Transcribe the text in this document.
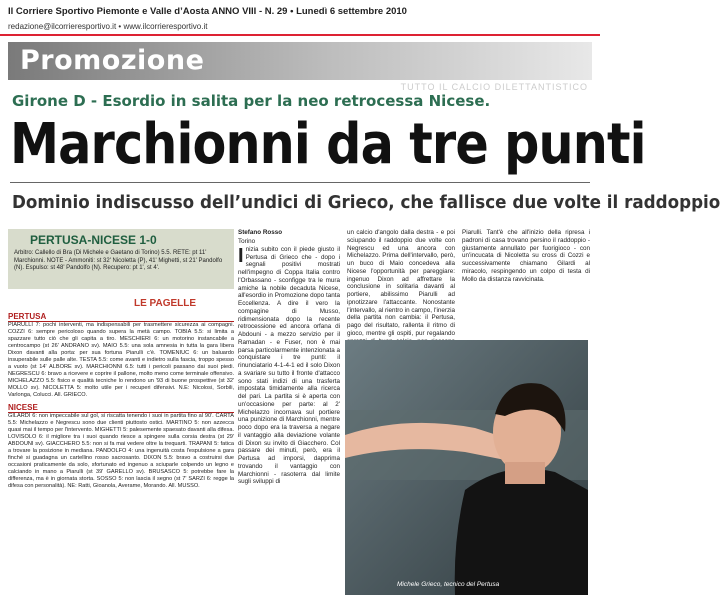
Il Corriere Sportivo Piemonte e Valle d’Aosta ANNO VIII - N. 29 • Lunedì 6 settembre 2010
redazione@ilcorrieresportivo.it • www.ilcorrieresportivo.it
Promozione
TUTTO IL CALCIO DILETTANTISTICO
Girone D - Esordio in salita per la neo retrocessa Nicese.
Marchionni da tre punti
Dominio indiscusso dell’undici di Grieco, che fallisce due volte il raddoppio
PERTUSA-NICESE 1-0
Arbitro: Callello di Bra (Di Michele e Gaetano di Torino) 5.5. RETE: pt 11' Marchionni. NOTE - Ammoniti: st 32' Nicoletta (P), 41' Mighetti, st 21' Pandolfo (N). Espulso: st 48' Pandolfo (N). Recupero: pt 1', st 4'.
LE PAGELLE
PERTUSA
PIARULLI 7: pochi interventi, ma indispensabili per trasmettere sicurezza ai compagni. COZZI 6: sempre pericoloso quando supera la metà campo. TOBIA 5.5: si limita a spazzare tutto ciò che gli capita a tiro. MESCHIERI 6: un motorino instancabile a centrocampo (st 26' ANDRANO sv). MAIO 5.5: una sola amnesia in tutta la gara libera Dixon davanti alla porta: per sua fortuna Piarulli c'è. TOMENIUC 6: un baluardo insuperabile sulle palle alte. TESTA 5.5: come avanti e indietro sulla fascia, troppo spesso a vuoto (st 14' ALBORE sv). MARCHIONNI 6.5: tutti i pericoli passano dai suoi piedi. NEGRESCU 6: bravo a ricevere e coprire il pallone, molto meno come terminale offensivo. MICHELAZZO 5.5: fisico e qualità tecniche lo rendono un '93 di buone prospettive (st 32' MOLLO sv). NICOLETTA 5: molto utile per i recuperi difensivi. N.E: Nicolosi, Sorbili, Varlonga, Colucci. All. GRIECO.
NICESE
GILARDI 6: non impeccabile sul gol, si riscatta tenendo i suoi in partita fino al 90'. CARTA 5.5: Michelazzo e Negrescu sono due clienti piuttosto ostici. MARTINO 5: non azzecca quasi mai il tempo per l'intervento. MIGHETTI 5: palesemente spaesato davanti alla difesa. LOVISOLO 6: il migliore tra i suoi quando riesce a spingere sulla corsia destra (st 29' ABDOUNI sv). GIACCHERO 5.5: non si fa mai vedere oltre la trequarti. TRAPANI 5: fatica a trovare la posizione in mediana. PANDOLFO 4: una ingenuità costa l'espulsione a gara finché si guadagna un cartellino rosso sacrosanto. DIXON 5.5: bravo a costruirsi due occasioni praticamente da solo, sfortunato ed ingenuo a sciuparle colpendo un legno e calciando in mano a Piarulli (st 39' GARELLO sv). BRUSASCO 5: potrebbe fare la differenza, ma è in giornata storta. SOSSO 5: non lascia il segno (st 7' SARZI 6: regge la difesa con personalità). NE: Ratti, Gioanola, Averame, Morando. All. MUSSO.
Stefano Rosso
Torino
I nizia subito con il piede giusto il Pertusa di Grieco che - dopo i segnali positivi mostrati nell'impegno di Coppa Italia contro l'Orbassano - sconfigge tra le mura amiche la nobile decaduta Nicese, all'esordio in Promozione dopo tanta Eccellenza. A dire il vero la compagine di Musso, ridimensionata dopo la recente retrocessione ed ancora orfana di Abdouni - a mezzo servizio per il Ramadan - e Fuser, non è mai parsa particolarmente intenzionata a conquistare i tre punti: il rinunciatario 4-1-4-1 ed il solo Dixon a svariare su tutto il fronte d'attacco sono stati indizi di una trasferta impostata timidamente alla ricerca del pari. La partita si è aperta con un'occasione per parte: al 2' Michelazzo incornava sul portiere una punizione di Marchionni, mentre poco dopo era la traversa a negare il vantaggio alla deviazione volante di Dixon su invito di Giacchero. Col passare dei minuti, però, era il Pertusa ad imporsi, dapprima trovando il vantaggio con Marchionni - rasoterra dal limite sugli sviluppi di
un calcio d'angolo dalla destra - e poi sciupando il raddoppio due volte con Negrescu ed una ancora con Michelazzo. Prima dell'intervallo, però, un buco di Maio concedeva alla Nicese l'opportunità per pareggiare: ingenuo Dixon ad affrettare la conclusione in solitaria davanti al portiere, abilissimo Piarulli ad ipnotizzare l'attaccante. Nonostante l'intervallo, al rientro in campo, l'inerzia della partita non cambia: il Pertusa, pago del risultato, rallenta il ritmo di gioco, mentre gli ospiti, pur regalando
Piarulli. Tant'è che all'inizio della ripresa i padroni di casa trovano persino il raddoppio - giustamente annullato per fuorigioco - con un'incucata di Nicoletta su cross di Cozzi e successivamente chiamano Gilardi al miracolo, respingendo un colpo di testa di Mollo da distanza ravvicinata.
Michele Grieco, tecnico del Pertusa
